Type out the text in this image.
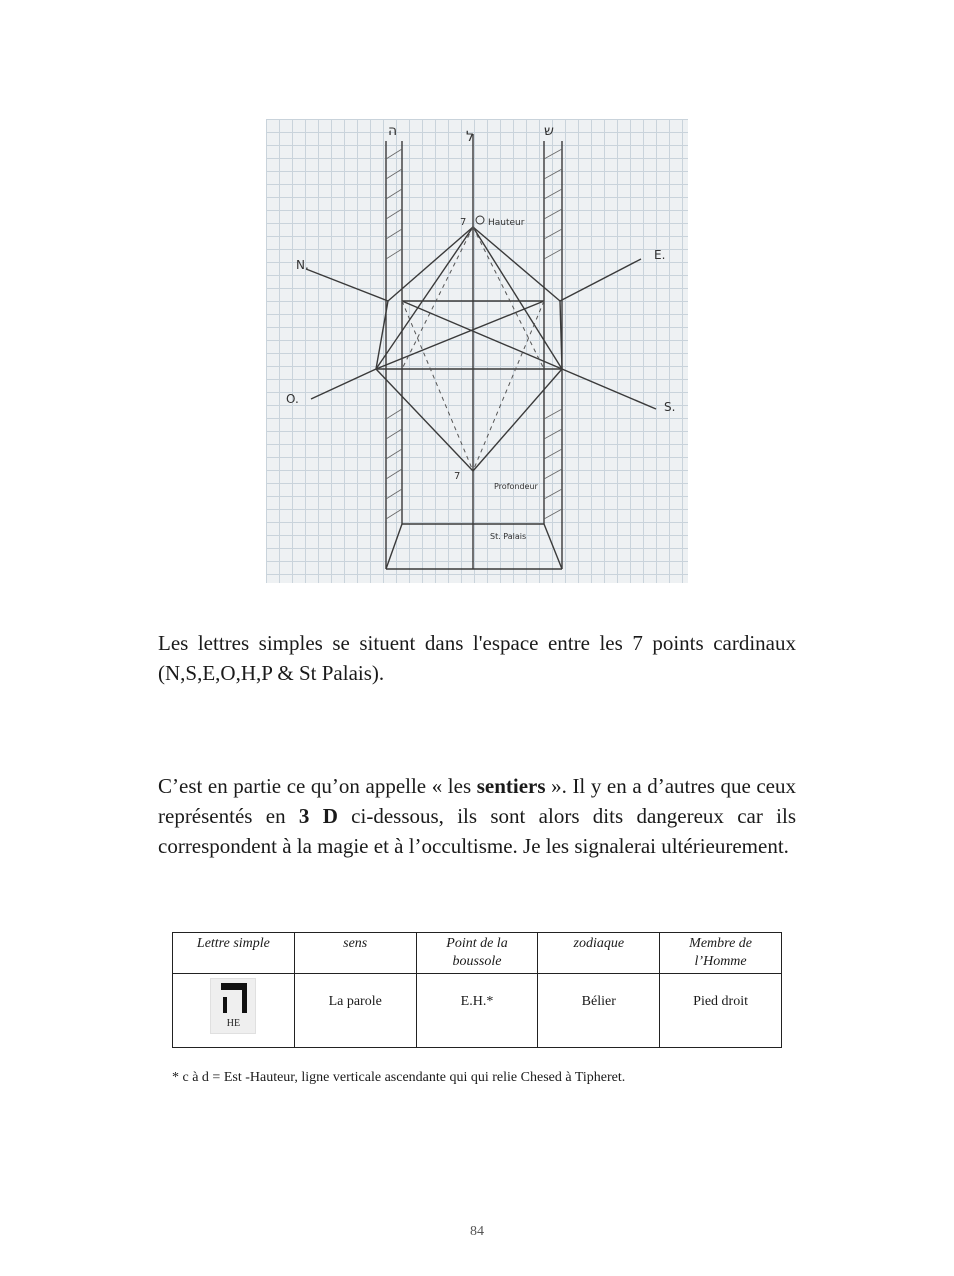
N.
E.
O.
S.
ה	ל	ש
7 Hauteur
7
Profondeur
St. Palais

Les lettres simples se situent dans l'espace entre les 7 points cardinaux (N,S,E,O,H,P & St Palais).

C’est en partie ce qu’on appelle « les sentiers ». Il y en a d’autres que ceux représentés en 3 D ci-dessous, ils sont alors dits dangereux car ils correspondent à la magie et à l’occultisme. Je les signalerai ultérieurement.

Lettre simple	sens	Point de la boussole	zodiaque	Membre de l’Homme

HE	La parole	E.H.*	Bélier	Pied droit

* c à d = Est -Hauteur, ligne verticale ascendante qui qui relie Chesed à Tipheret.

84
